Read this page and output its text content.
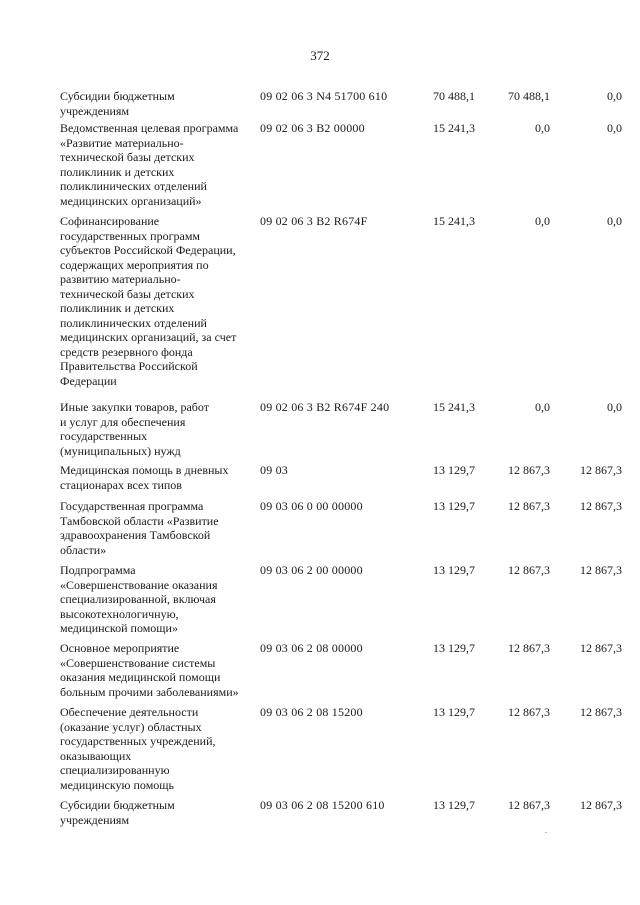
372
Субсидии бюджетным
учреждениям
09 02 06 3 N4 51700 610	70 488,1	70 488,1	0,0
Ведомственная целевая программа
«Развитие материально-
технической базы детских
поликлиник и детских
поликлинических отделений
медицинских организаций»
09 02 06 3 В2 00000	15 241,3	0,0	0,0
Софинансирование
государственных программ
субъектов Российской Федерации,
содержащих мероприятия по
развитию материально-
технической базы детских
поликлиник и детских
поликлинических отделений
медицинских организаций, за счет
средств резервного фонда
Правительства Российской
Федерации
09 02 06 3 В2 R674F	15 241,3	0,0	0,0
Иные закупки товаров, работ
и услуг для обеспечения
государственных
(муниципальных) нужд
09 02 06 3 В2 R674F 240	15 241,3	0,0	0,0
Медицинская помощь в дневных
стационарах всех типов
09 03	13 129,7	12 867,3	12 867,3
Государственная программа
Тамбовской области «Развитие
здравоохранения Тамбовской
области»
09 03 06 0 00 00000	13 129,7	12 867,3	12 867,3
Подпрограмма
«Совершенствование оказания
специализированной, включая
высокотехнологичную,
медицинской помощи»
09 03 06 2 00 00000	13 129,7	12 867,3	12 867,3
Основное мероприятие
«Совершенствование системы
оказания медицинской помощи
больным прочими заболеваниями»
09 03 06 2 08 00000	13 129,7	12 867,3	12 867,3
Обеспечение деятельности
(оказание услуг) областных
государственных учреждений,
оказывающих
специализированную
медицинскую помощь
09 03 06 2 08 15200	13 129,7	12 867,3	12 867,3
Субсидии бюджетным
учреждениям
09 03 06 2 08 15200 610	13 129,7	12 867,3	12 867,3
